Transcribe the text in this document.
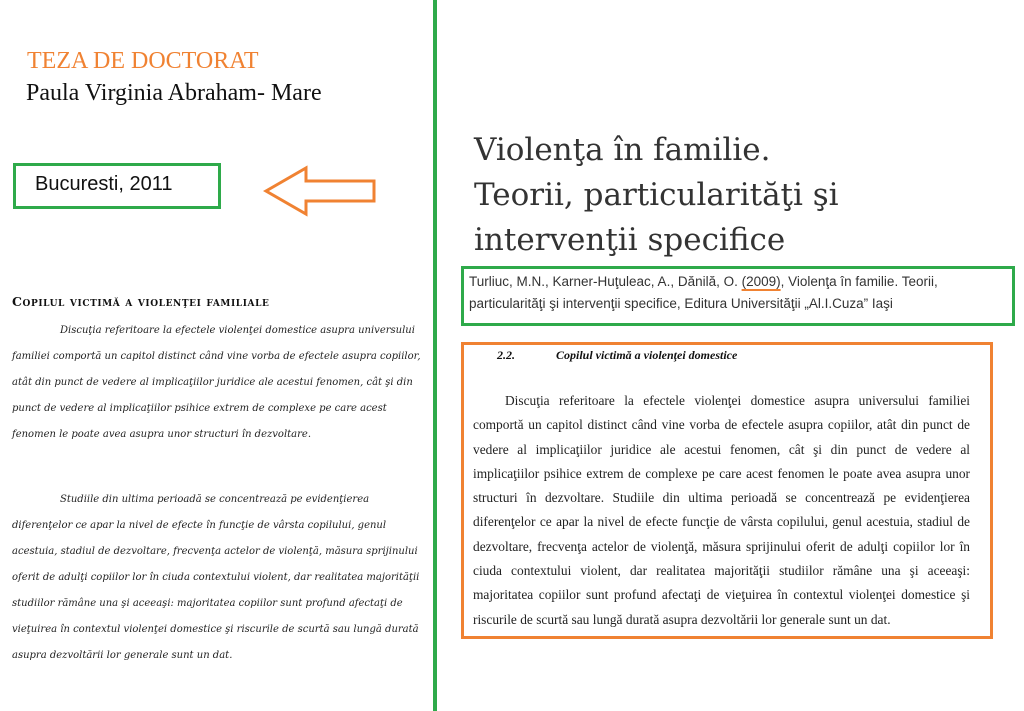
TEZA DE DOCTORAT
Paula Virginia Abraham- Mare
Bucuresti, 2011
Copilul victimă a violenţei familiale
Discuţia referitoare la efectele violenţei domestice asupra universului familiei comportă un capitol distinct când vine vorba de efectele asupra copiilor, atât din punct de vedere al implicaţiilor juridice ale acestui fenomen, cât şi din punct de vedere al implicaţiilor psihice extrem de complexe pe care acest fenomen le poate avea asupra unor structuri în dezvoltare.
Studiile din ultima perioadă se concentrează pe evidenţierea diferenţelor ce apar la nivel de efecte în funcţie de vârsta copilului, genul acestuia, stadiul de dezvoltare, frecvenţa actelor de violenţă, măsura sprijinului oferit de adulţi copiilor lor în ciuda contextului violent, dar realitatea majorităţii studiilor rămâne una şi aceeaşi: majoritatea copiilor sunt profund afectaţi de vieţuirea în contextul violenţei domestice şi riscurile de scurtă sau lungă durată asupra dezvoltării lor generale sunt un dat.
Violenţa în familie.
Teorii, particularităţi şi
intervenţii specifice
Turliuc, M.N., Karner-Huţuleac, A., Dănilă, O. (2009), Violenţa în familie. Teorii, particularităţi şi intervenţii specifice, Editura Universităţii „Al.I.Cuza” Iaşi
2.2.	Copilul victimă a violenţei domestice
Discuţia referitoare la efectele violenţei domestice asupra universului familiei comportă un capitol distinct când vine vorba de efectele asupra copiilor, atât din punct de vedere al implicaţiilor juridice ale acestui fenomen, cât şi din punct de vedere al implicaţiilor psihice extrem de complexe pe care acest fenomen le poate avea asupra unor structuri în dezvoltare. Studiile din ultima perioadă se concentrează pe evidenţierea diferenţelor ce apar la nivel de efecte funcţie de vârsta copilului, genul acestuia, stadiul de dezvoltare, frecvenţa actelor de violenţă, măsura sprijinului oferit de adulţi copiilor lor în ciuda contextului violent, dar realitatea majorităţii studiilor rămâne una şi aceeaşi: majoritatea copiilor sunt profund afectaţi de vieţuirea în contextul violenţei domestice şi riscurile de scurtă sau lungă durată asupra dezvoltării lor generale sunt un dat.
